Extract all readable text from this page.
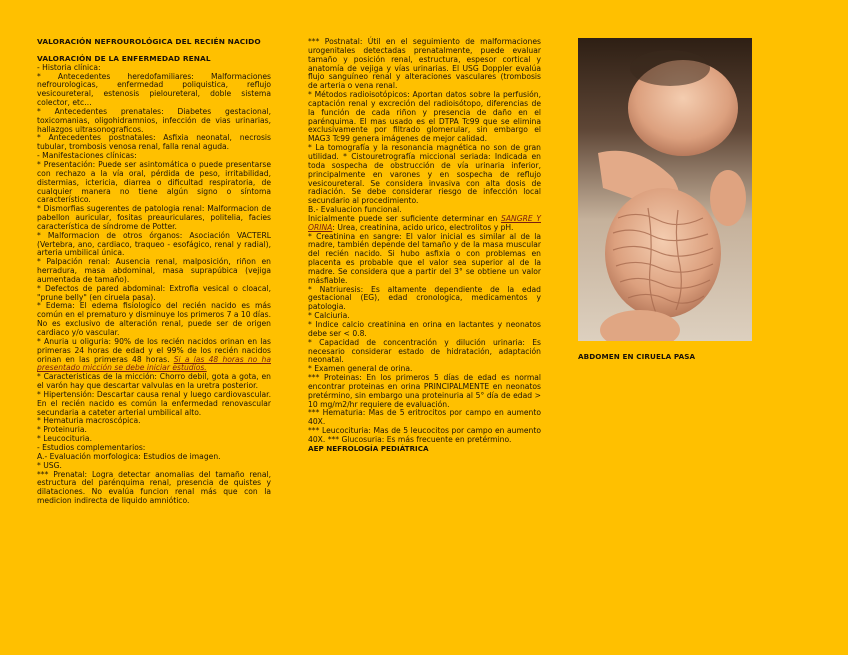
VALORACIÓN NEFROUROLÓGICA DEL RECIÉN NACIDO

VALORACIÓN DE LA ENFERMEDAD RENAL

- Historia clínica:

* Antecedentes heredofamiliares: Malformaciones nefrourologicas, enfermedad poliquistica, reflujo vesicoureteral, estenosis pieloureteral, doble sistema colector, etc…

* Antecedentes prenatales: Diabetes gestacional, toxicomanias, oligohidramnios, infección de vias urinarias, hallazgos ultrasonograficos.

* Antecedentes postnatales: Asfixia neonatal, necrosis tubular, trombosis venosa renal, falla renal aguda.

- Manifestaciones clínicas:

* Presentación: Puede ser asintomática o puede presentarse con rechazo a la vía oral, pérdida de peso, irritabilidad, distermias, ictericia, diarrea o dificultad respiratoria, de cualquier manera no tiene algún signo o síntoma característico.

* Dismorfias sugerentes de patologia renal: Malformacion de pabellon auricular, fositas preauriculares, politelia, facies característica de síndrome de Potter.

* Malformacion de otros órganos: Asociación VACTERL (Vertebra, ano, cardiaco, traqueo - esofágico, renal y radial), arteria umbilical única.

* Palpación renal: Ausencia renal, malposición, riñon en herradura, masa abdominal, masa suprapúbica (vejiga aumentada de tamaño).

* Defectos de pared abdominal: Extrofia vesical o cloacal, "prune belly" (en ciruela pasa).

* Edema: El edema fisiologico del recién nacido es más común en el prematuro y disminuye los primeros 7 a 10 días. No es exclusivo de alteración renal, puede ser de origen cardiaco y/o vascular.

* Anuria u oliguria: 90% de los recién nacidos orinan en las primeras 24 horas de edad y el 99% de los recién nacidos orinan en las primeras 48 horas. Si a las 48 horas no ha presentado micción se debe iniciar estudios.

* Caracteristicas de la micción: Chorro debil, gota a gota, en el varón hay que descartar valvulas en la uretra posterior.

* Hipertensión: Descartar causa renal y luego cardiovascular. En el recién nacido es común la enfermedad renovascular secundaria a cateter arterial umbilical alto.

* Hematuria macroscópica.

* Proteinuria.

* Leucocituria.

- Estudios complementarios:

A.- Evaluación morfologica: Estudios de imagen.

* USG.

*** Prenatal: Logra detectar anomalias del tamaño renal, estructura del parénquima renal, presencia de quistes y dilataciones. No evalúa funcion renal más que con la medicion indirecta de liquido amniótico.

*** Postnatal: Útil en el seguimiento de malformaciones urogenitales detectadas prenatalmente, puede evaluar tamaño y posición renal, estructura, espesor cortical y anatomía de vejiga y vías urinarias. El USG Doppler evalúa flujo sanguíneo renal y alteraciones vasculares (trombosis de arteria o vena renal.

* Métodos radioisotópicos: Aportan datos sobre la perfusión, captación renal y excreción del radioisótopo, diferencias de la función de cada riñon y presencia de daño en el parénquima. El mas usado es el DTPA Tc99 que se elimina exclusivamente por filtrado glomerular, sin embargo el MAG3 Tc99 genera imágenes de mejor calidad.

* La tomografía y la resonancia magnética no son de gran utilidad. * Cistouretrografía miccional seriada: Indicada en toda sospecha de obstrucción de vía urinaria inferior, principalmente en varones y en sospecha de reflujo vesicoureteral. Se considera invasiva con alta dosis de radiación. Se debe considerar riesgo de infección local secundario al procedimiento.

B.- Evaluacion funcional.

Inicialmente puede ser suficiente determinar en SANGRE Y ORINA: Urea, creatinina, acido urico, electrolitos y pH.

* Creatinina en sangre: El valor inicial es similar al de la madre, también depende del tamaño y de la masa muscular del recién nacido. Si hubo asfixia o con problemas en placenta es probable que el valor sea superior al de la madre. Se considera que a partir del 3° se obtiene un valor másfiable.

* Natriuresis: Es altamente dependiente de la edad gestacional (EG), edad cronologica, medicamentos y patologia.

* Calciuria.

* Indice calcio creatinina en orina en lactantes y neonatos debe ser < 0.8.

* Capacidad de concentración y dilución urinaria: Es necesario considerar estado de hidratación, adaptación neonatal.

* Examen general de orina.

*** Proteinas: En los primeros 5 días de edad es normal encontrar proteinas en orina PRINCIPALMENTE en neonatos pretérmino, sin embargo una proteinuria al 5° día de edad > 10 mg/m2/hr requiere de evaluación.

*** Hematuria: Mas de 5 eritrocitos por campo en aumento 40X.

*** Leucocituria: Mas de 5 leucocitos por campo en aumento 40X. *** Glucosuria: Es más frecuente en pretérmino.

AEP NEFROLOGÍA PEDIÁTRICA

ABDOMEN EN CIRUELA PASA
